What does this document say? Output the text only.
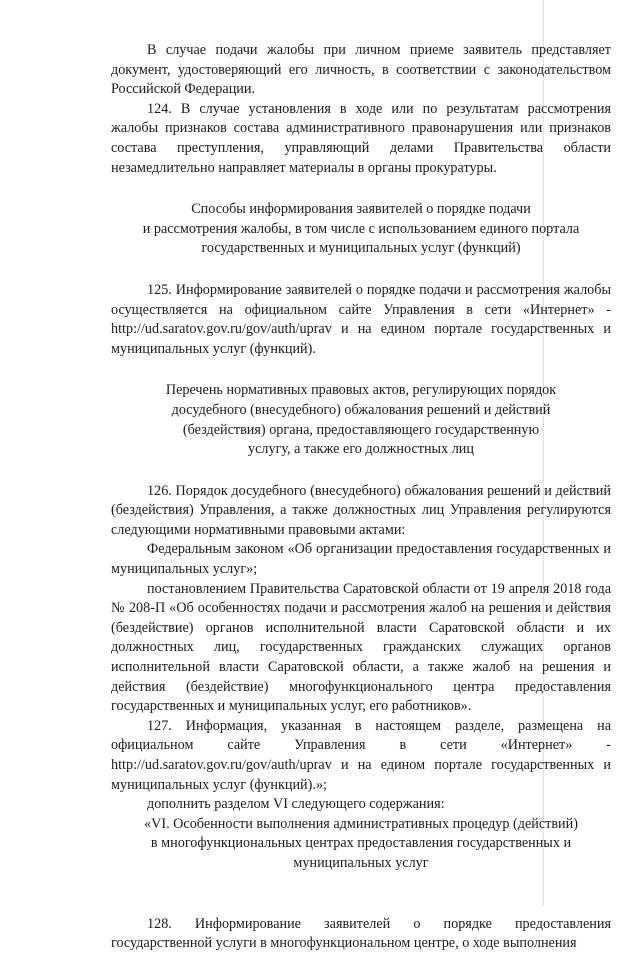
В случае подачи жалобы при личном приеме заявитель представляет документ, удостоверяющий его личность, в соответствии с законодательством Российской Федерации.

124. В случае установления в ходе или по результатам рассмотрения жалобы признаков состава административного правонарушения или признаков состава преступления, управляющий делами Правительства области незамедлительно направляет материалы в органы прокуратуры.

Способы информирования заявителей о порядке подачи

и рассмотрения жалобы, в том числе с использованием единого портала

государственных и муниципальных услуг (функций)

125. Информирование заявителей о порядке подачи и рассмотрения жалобы осуществляется на официальном сайте Управления в сети «Интернет» - http://ud.saratov.gov.ru/gov/auth/uprav и на едином портале государственных и муниципальных услуг (функций).

Перечень нормативных правовых актов, регулирующих порядок

досудебного (внесудебного) обжалования решений и действий

(бездействия) органа, предоставляющего государственную

услугу, а также его должностных лиц

126. Порядок досудебного (внесудебного) обжалования решений и действий (бездействия) Управления, а также должностных лиц Управления регулируются следующими нормативными правовыми актами:

Федеральным законом «Об организации предоставления государственных и муниципальных услуг»;

постановлением Правительства Саратовской области от 19 апреля 2018 года № 208-П «Об особенностях подачи и рассмотрения жалоб на решения и действия (бездействие) органов исполнительной власти Саратовской области и их должностных лиц, государственных гражданских служащих органов исполнительной власти Саратовской области, а также жалоб на решения и действия (бездействие) многофункционального центра предоставления государственных и муниципальных услуг, его работников».

127. Информация, указанная в настоящем разделе, размещена на официальном сайте Управления в сети «Интернет» - http://ud.saratov.gov.ru/gov/auth/uprav и на едином портале государственных и муниципальных услуг (функций).»;

дополнить разделом VI следующего содержания:

«VI. Особенности выполнения административных процедур (действий)

в многофункциональных центрах предоставления государственных и

муниципальных услуг

128. Информирование заявителей о порядке предоставления государственной услуги в многофункциональном центре, о ходе выполнения
